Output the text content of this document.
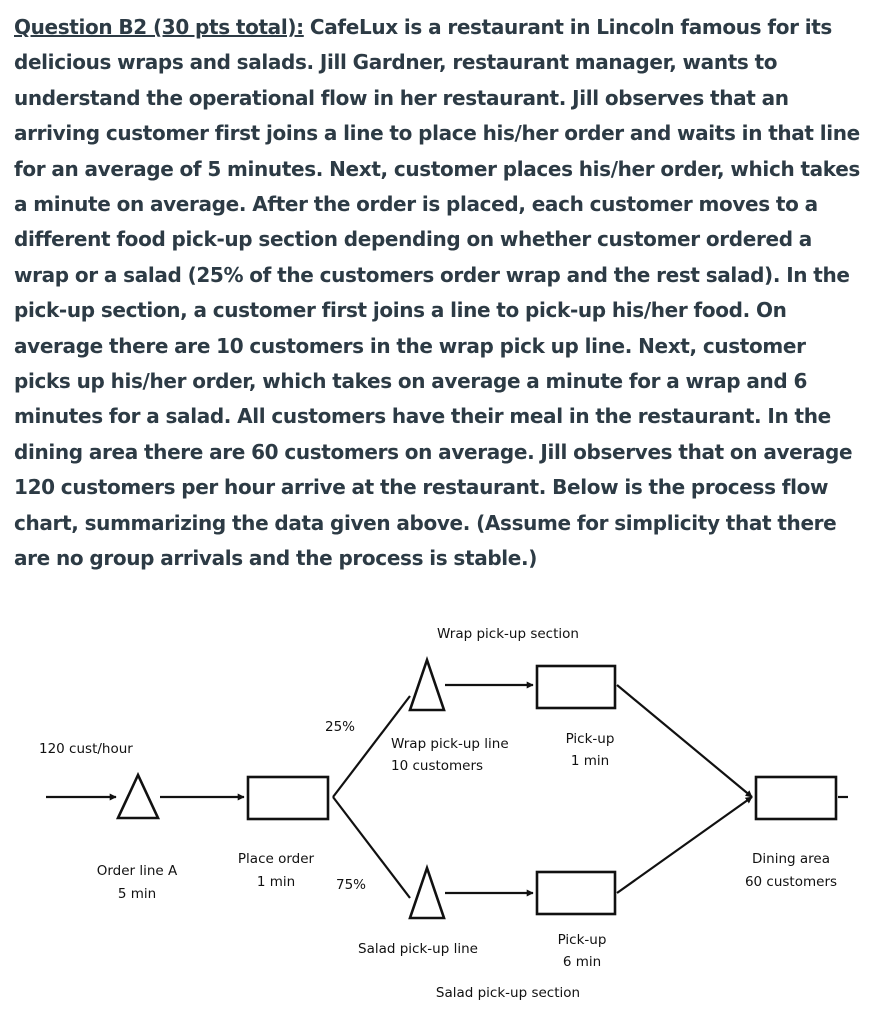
Question B2 (30 pts total): CafeLux is a restaurant in Lincoln famous for its delicious wraps and salads. Jill Gardner, restaurant manager, wants to understand the operational flow in her restaurant. Jill observes that an arriving customer first joins a line to place his/her order and waits in that line for an average of 5 minutes. Next, customer places his/her order, which takes a minute on average. After the order is placed, each customer moves to a different food pick-up section depending on whether customer ordered a wrap or a salad (25% of the customers order wrap and the rest salad). In the pick-up section, a customer first joins a line to pick-up his/her food. On average there are 10 customers in the wrap pick up line. Next, customer picks up his/her order, which takes on average a minute for a wrap and 6 minutes for a salad. All customers have their meal in the restaurant. In the dining area there are 60 customers on average. Jill observes that on average 120 customers per hour arrive at the restaurant. Below is the process flow chart, summarizing the data given above. (Assume for simplicity that there are no group arrivals and the process is stable.)
Wrap pick-up section
25%
120 cust/hour	Wrap pick-up line
10 customers
Pick-up
1 min
Place order
1 min
Order line A
5 min
75%
Dining area
60 customers
Pick-up
6 min
Salad pick-up line
Salad pick-up section
